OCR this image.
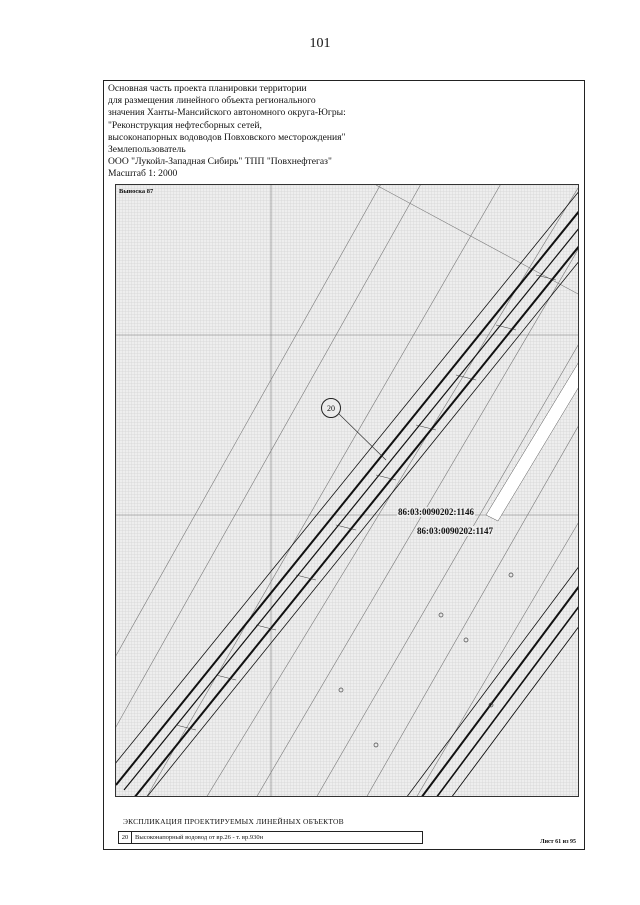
101
Основная часть проекта планировки территории
для размещения линейного объекта регионального
значения Ханты-Мансийского автономного округа-Югры:
"Реконструкция нефтесборных сетей,
высоконапорных водоводов Повховского месторождения"
Землепользователь
ООО "Лукойл-Западная Сибирь" ТПП "Повхнефтегаз"
Масштаб 1: 2000
Выноска 87
20
86:03:0090202:1146
86:03:0090202:1147
ЭКСПЛИКАЦИЯ ПРОЕКТИРУЕМЫХ ЛИНЕЙНЫХ ОБЪЕКТОВ
20	Высоконапорный водовод от вр.26 - т. вр.930н
Лист 61 из 95
